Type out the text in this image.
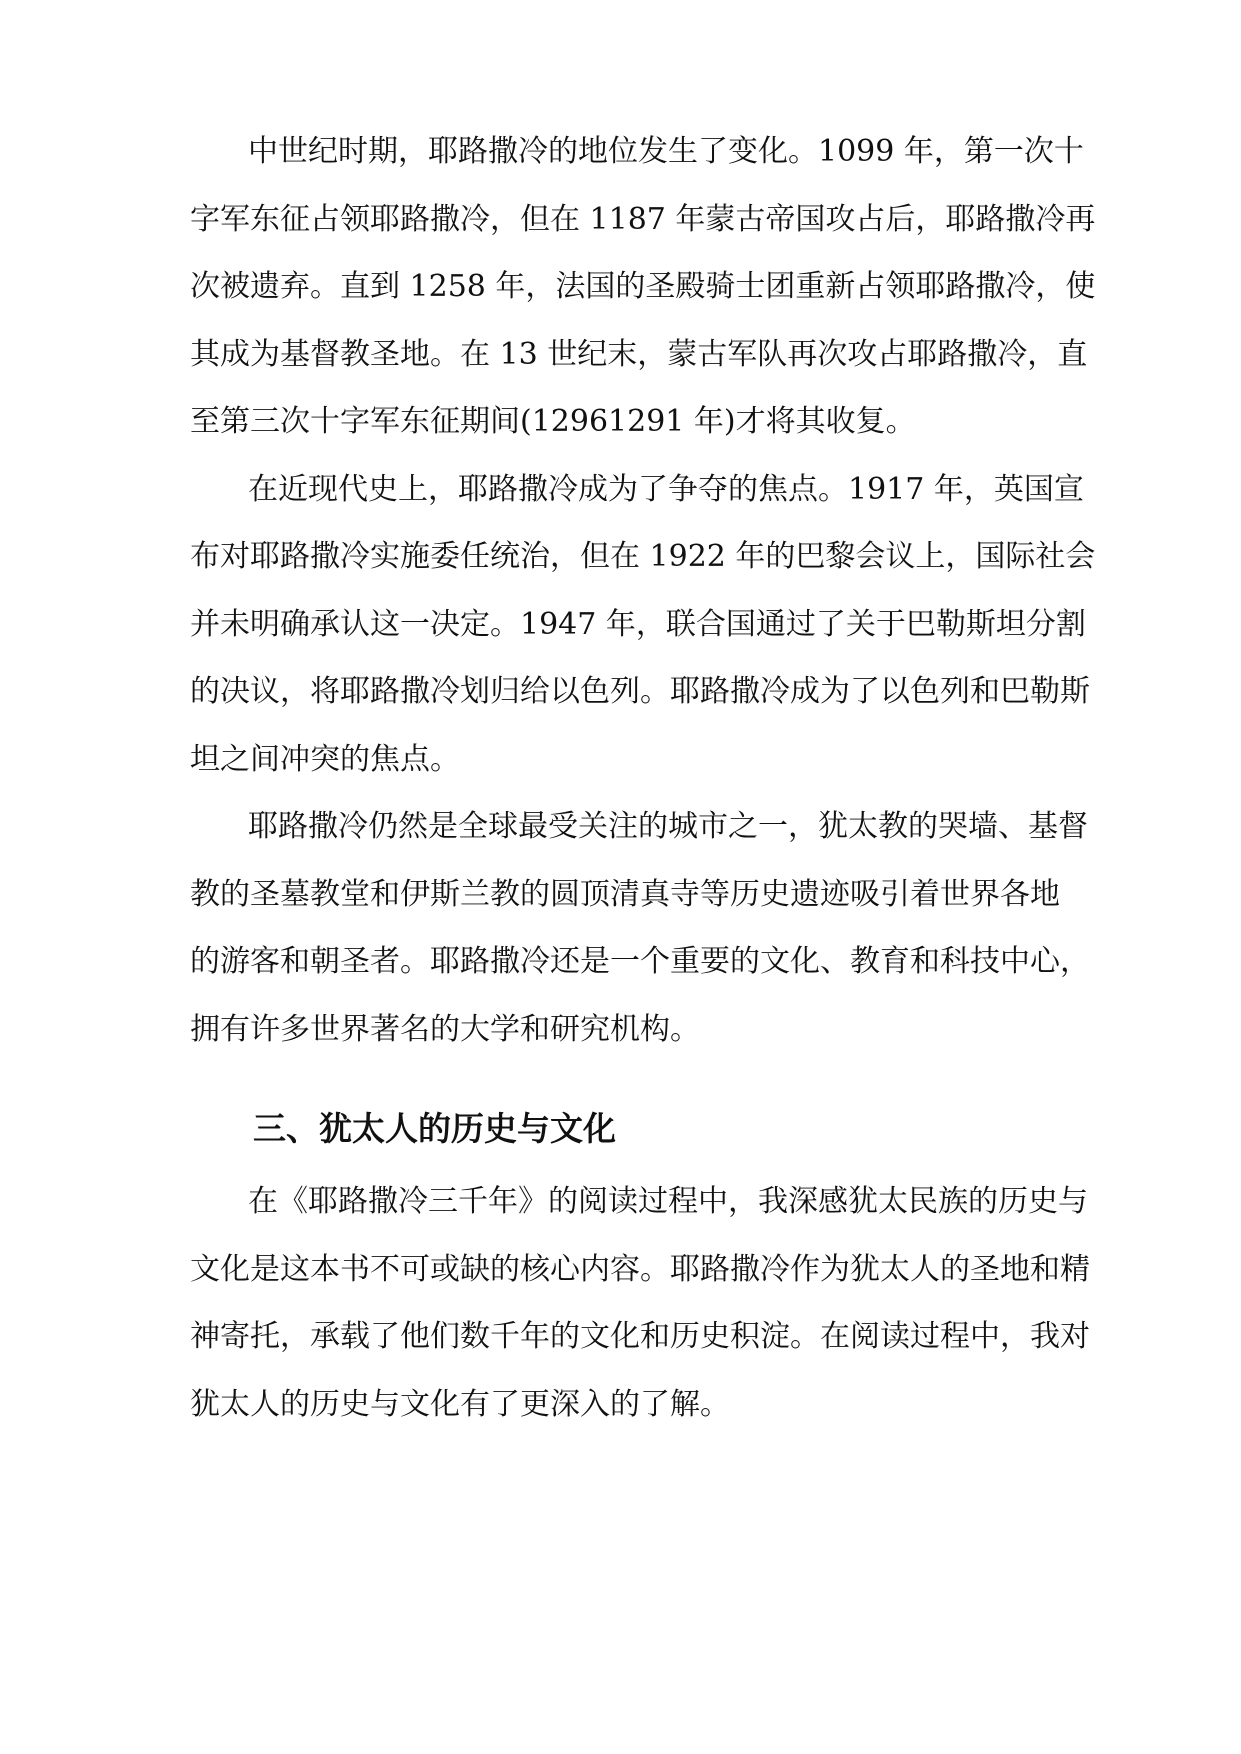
中世纪时期，耶路撒冷的地位发生了变化。1099 年，第一次十
字军东征占领耶路撒冷，但在 1187 年蒙古帝国攻占后，耶路撒冷再
次被遗弃。直到 1258 年，法国的圣殿骑士团重新占领耶路撒冷，使
其成为基督教圣地。在 13 世纪末，蒙古军队再次攻占耶路撒冷，直
至第三次十字军东征期间(12961291 年)才将其收复。
在近现代史上，耶路撒冷成为了争夺的焦点。1917 年，英国宣
布对耶路撒冷实施委任统治，但在 1922 年的巴黎会议上，国际社会
并未明确承认这一决定。1947 年，联合国通过了关于巴勒斯坦分割
的决议，将耶路撒冷划归给以色列。耶路撒冷成为了以色列和巴勒斯
坦之间冲突的焦点。
耶路撒冷仍然是全球最受关注的城市之一，犹太教的哭墙、基督
教的圣墓教堂和伊斯兰教的圆顶清真寺等历史遗迹吸引着世界各地
的游客和朝圣者。耶路撒冷还是一个重要的文化、教育和科技中心，
拥有许多世界著名的大学和研究机构。
三、犹太人的历史与文化
在《耶路撒冷三千年》的阅读过程中，我深感犹太民族的历史与
文化是这本书不可或缺的核心内容。耶路撒冷作为犹太人的圣地和精
神寄托，承载了他们数千年的文化和历史积淀。在阅读过程中，我对
犹太人的历史与文化有了更深入的了解。
